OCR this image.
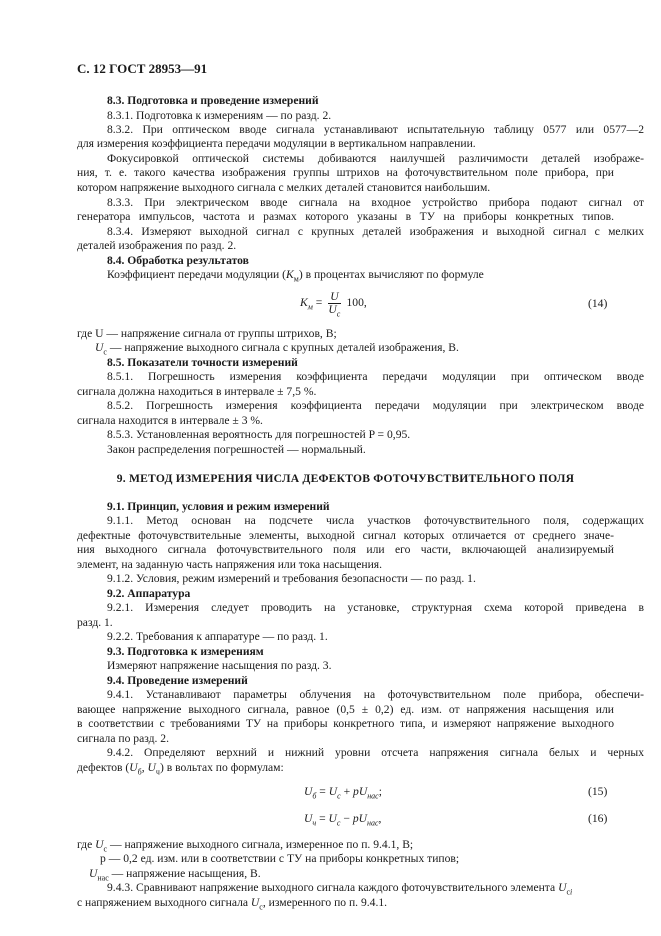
С. 12 ГОСТ 28953—91
8.3. Подготовка и проведение измерений
8.3.1. Подготовка к измерениям — по разд. 2.
8.3.2. При оптическом вводе сигнала устанавливают испытательную таблицу 0577 или 0577—2
для измерения коэффициента передачи модуляции в вертикальном направлении.
Фокусировкой оптической системы добиваются наилучшей различимости деталей изображе-
ния, т. е. такого качества изображения группы штрихов на фоточувствительном поле прибора, при
котором напряжение выходного сигнала с мелких деталей становится наибольшим.
8.3.3. При электрическом вводе сигнала на входное устройство прибора подают сигнал от
генератора импульсов, частота и размах которого указаны в ТУ на приборы конкретных типов.
8.3.4. Измеряют выходной сигнал с крупных деталей изображения и выходной сигнал с мелких
деталей изображения по разд. 2.
8.4. Обработка результатов
Коэффициент передачи модуляции $(K_м)$ в процентах вычисляют по формуле
$K_м = \frac{U}{U_с} 100$,	(14)
где U — напряжение сигнала от группы штрихов, В;
$U_с$ — напряжение выходного сигнала с крупных деталей изображения, В.
8.5. Показатели точности измерений
8.5.1. Погрешность измерения коэффициента передачи модуляции при оптическом вводе
сигнала должна находиться в интервале ± 7,5 %.
8.5.2. Погрешность измерения коэффициента передачи модуляции при электрическом вводе
сигнала находится в интервале ± 3 %.
8.5.3. Установленная вероятность для погрешностей P = 0,95.
Закон распределения погрешностей — нормальный.
9. МЕТОД ИЗМЕРЕНИЯ ЧИСЛА ДЕФЕКТОВ ФОТОЧУВСТВИТЕЛЬНОГО ПОЛЯ
9.1. Принцип, условия и режим измерений
9.1.1. Метод основан на подсчете числа участков фоточувствительного поля, содержащих
дефектные фоточувствительные элементы, выходной сигнал которых отличается от среднего значе-
ния выходного сигнала фоточувствительного поля или его части, включающей анализируемый
элемент, на заданную часть напряжения или тока насыщения.
9.1.2. Условия, режим измерений и требования безопасности — по разд. 1.
9.2. Аппаратура
9.2.1. Измерения следует проводить на установке, структурная схема которой приведена в
разд. 1.
9.2.2. Требования к аппаратуре — по разд. 1.
9.3. Подготовка к измерениям
Измеряют напряжение насыщения по разд. 3.
9.4. Проведение измерений
9.4.1. Устанавливают параметры облучения на фоточувствительном поле прибора, обеспечи-
вающее напряжение выходного сигнала, равное (0,5 ± 0,2) ед. изм. от напряжения насыщения или
в соответствии с требованиями ТУ на приборы конкретного типа, и измеряют напряжение выходного
сигнала по разд. 2.
9.4.2. Определяют верхний и нижний уровни отсчета напряжения сигнала белых и черных
дефектов ($U_б$, $U_ч$) в вольтах по формулам:
$U_б = U_с + pU_{нас}$;	(15)
$U_ч = U_с - pU_{нас}$,	(16)
где $U_с$ — напряжение выходного сигнала, измеренное по п. 9.4.1, В;
p — 0,2 ед. изм. или в соответствии с ТУ на приборы конкретных типов;
$U_{нас}$ — напряжение насыщения, В.
9.4.3. Сравнивают напряжение выходного сигнала каждого фоточувствительного элемента $U_{сi}$
с напряжением выходного сигнала $U_с$, измеренного по п. 9.4.1.
